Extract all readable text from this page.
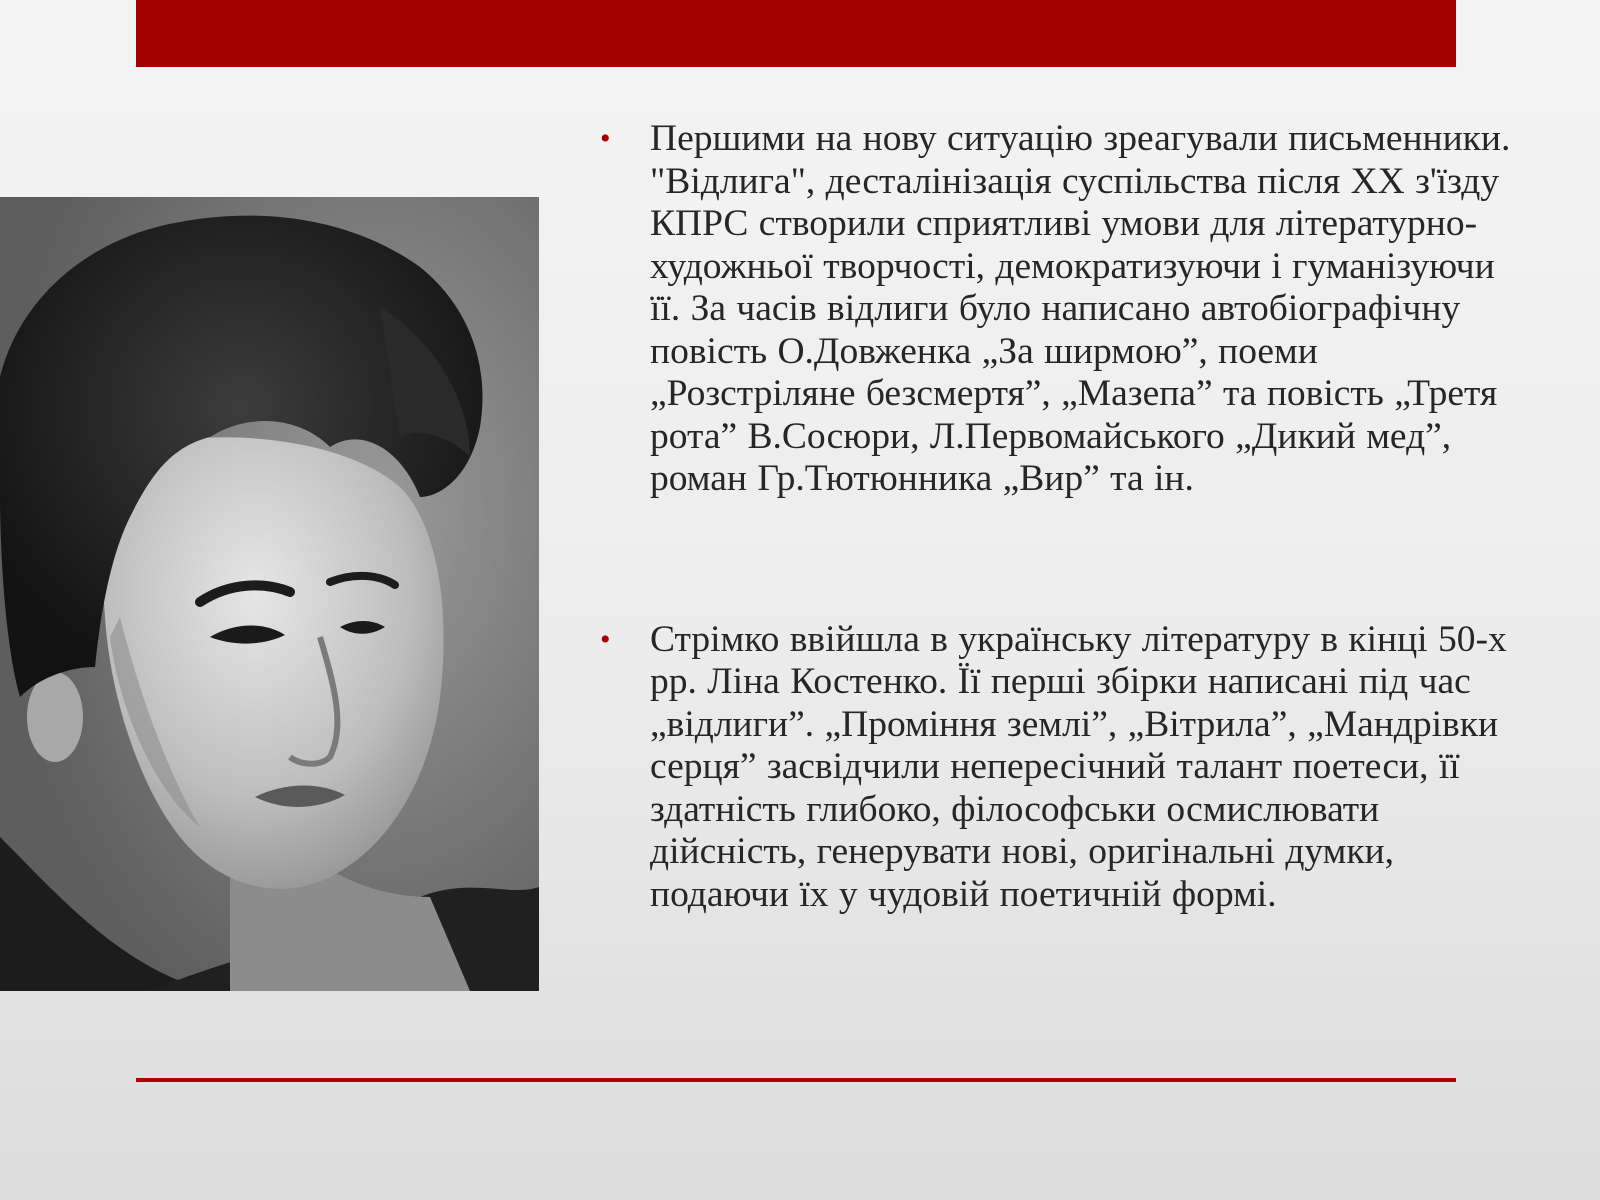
• Першими на нову ситуацію зреагували письменники. "Відлига", десталінізація суспільства після XX з'їзду КПРС створили сприятливі умови для літературно-художньої творчості, демократизуючи і гуманізуючи її. За часів відлиги було написано автобіографічну повість О.Довженка „За ширмою”, поеми „Розстріляне безсмертя”, „Мазепа” та повість „Третя рота” В.Сосюри, Л.Первомайського „Дикий мед”, роман Гр.Тютюнника „Вир” та ін.
• Стрімко ввійшла в українську літературу в кінці 50-х рр. Ліна Костенко. Її перші збірки написані під час „відлиги”. „Проміння землі”, „Вітрила”, „Мандрівки серця” засвідчили непересічний талант поетеси, її здатність глибоко, філософськи осмислювати дійсність, генерувати нові, оригінальні думки, подаючи їх у чудовій поетичній формі.
